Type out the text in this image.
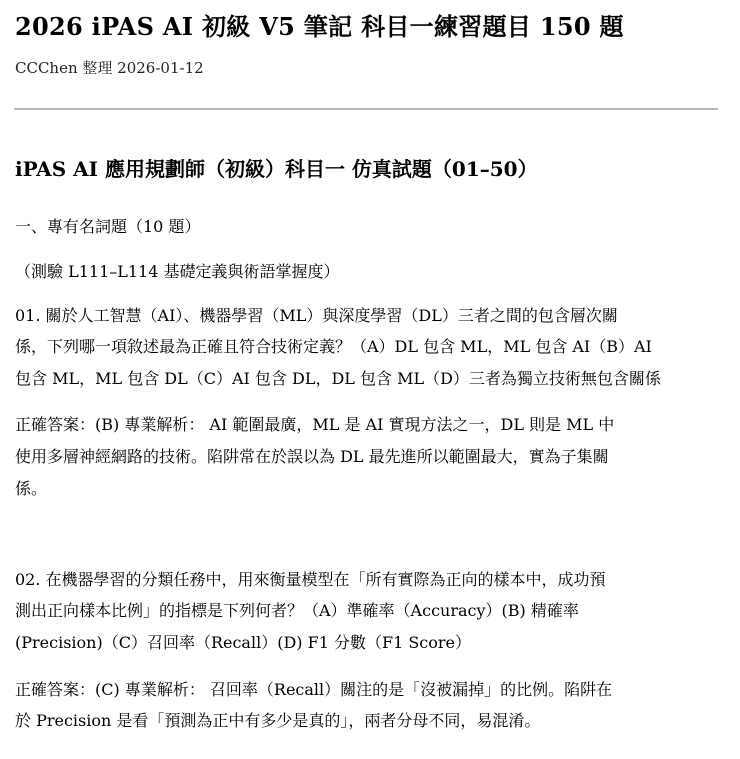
2026 iPAS AI 初級 V5 筆記 科目一練習題目 150 題
CCChen 整理 2026-01-12
iPAS AI 應用規劃師（初級）科目一 仿真試題（01–50）
一、專有名詞題（10 題）
（測驗 L111–L114 基礎定義與術語掌握度）
01. 關於人工智慧（AI）、機器學習（ML）與深度學習（DL）三者之間的包含層次關
係，下列哪一項敘述最為正確且符合技術定義？（A）DL 包含 ML，ML 包含 AI（B）AI
包含 ML，ML 包含 DL（C）AI 包含 DL，DL 包含 ML（D）三者為獨立技術無包含關係
正確答案：(B) 專業解析： AI 範圍最廣，ML 是 AI 實現方法之一，DL 則是 ML 中
使用多層神經網路的技術。陷阱常在於誤以為 DL 最先進所以範圍最大，實為子集關
係。
02. 在機器學習的分類任務中，用來衡量模型在「所有實際為正向的樣本中，成功預
測出正向樣本比例」的指標是下列何者？（A）準確率（Accuracy）(B) 精確率
(Precision)（C）召回率（Recall）(D) F1 分數（F1 Score）
正確答案：(C) 專業解析： 召回率（Recall）關注的是「沒被漏掉」的比例。陷阱在
於 Precision 是看「預測為正中有多少是真的」，兩者分母不同，易混淆。
